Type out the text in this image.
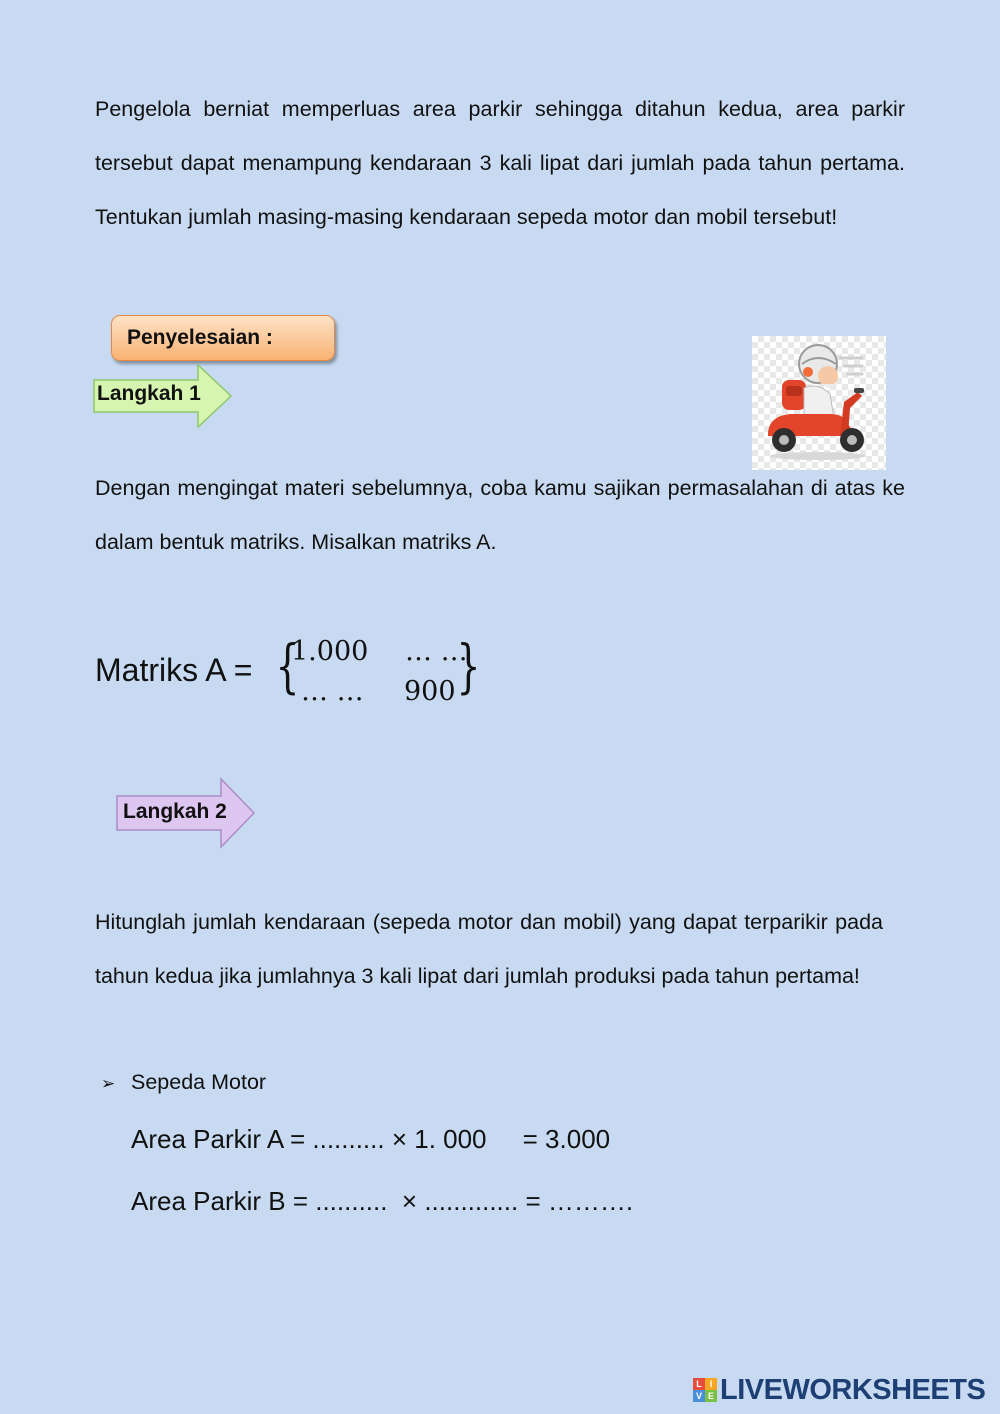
Pengelola berniat memperluas area parkir sehingga ditahun kedua, area parkir tersebut dapat menampung kendaraan 3 kali lipat dari jumlah pada tahun pertama. Tentukan jumlah masing-masing kendaraan sepeda motor dan mobil tersebut!

Penyelesaian :
Langkah 1

Dengan mengingat materi sebelumnya, coba kamu sajikan permasalahan di atas ke dalam bentuk matriks. Misalkan matriks A.

Matriks A = {
1.000 … …
… … 900 }
Langkah 2

Hitunglah jumlah kendaraan (sepeda motor dan mobil) yang dapat terparikir pada tahun kedua jika jumlahnya 3 kali lipat dari jumlah produksi pada tahun pertama!

➢ Sepeda Motor
Area Parkir A = .......... × 1. 000     = 3.000
Area Parkir B = ..........  × ............. = ……….
L I
V E LIVEWORKSHEETS
